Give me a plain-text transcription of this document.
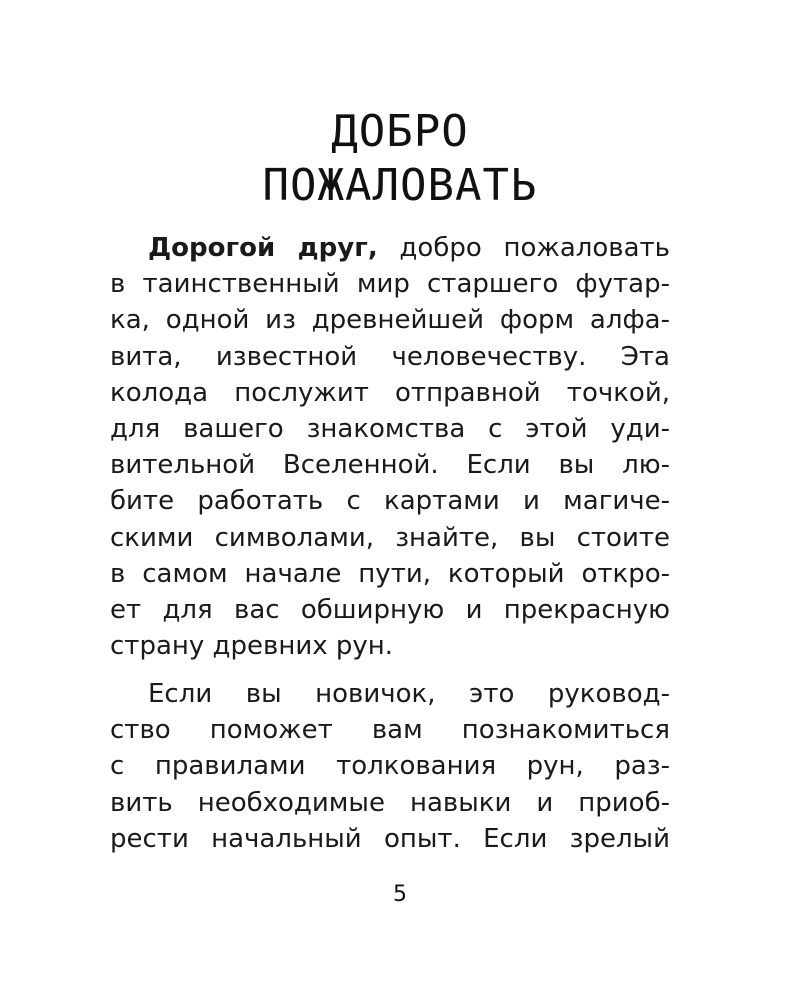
ДОБРО
ПОЖАЛОВАТЬ
Дорогой друг, добро пожаловать
в таинственный мир старшего футар-
ка, одной из древнейшей форм алфа-
вита, известной человечеству. Эта
колода послужит отправной точкой,
для вашего знакомства с этой уди-
вительной Вселенной. Если вы лю-
бите работать с картами и магиче-
скими символами, знайте, вы стоите
в самом начале пути, который откро-
ет для вас обширную и прекрасную
страну древних рун.
Если вы новичок, это руковод-
ство поможет вам познакомиться
с правилами толкования рун, раз-
вить необходимые навыки и приоб-
рести начальный опыт. Если зрелый
5
